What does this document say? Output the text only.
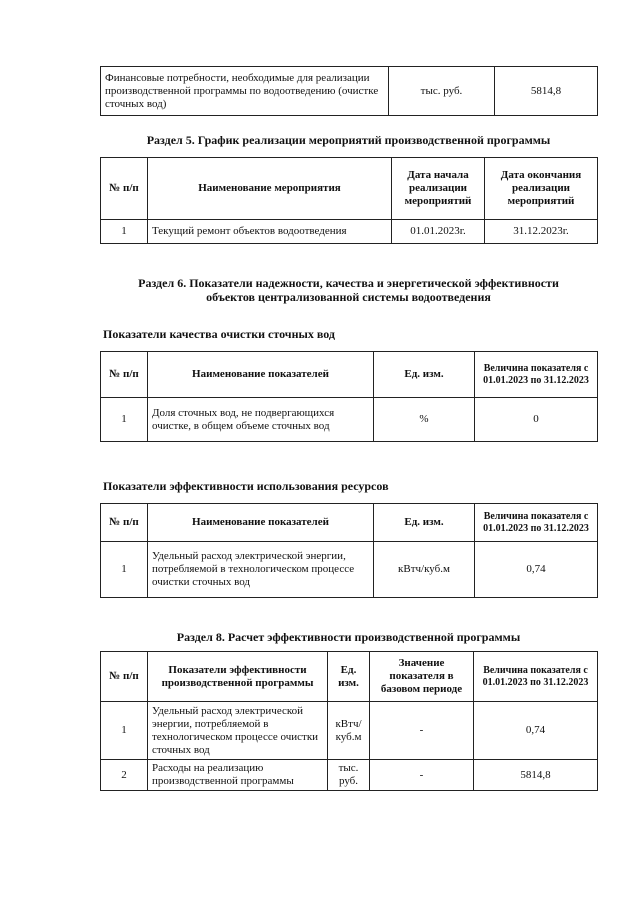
Финансовые потребности, необходимые для реализации производственной программы по водоотведению (очистке сточных вод)	тыс. руб.	5814,8
Раздел 5. График реализации мероприятий производственной программы
№ п/п	Наименование мероприятия	Дата начала реализации мероприятий	Дата окончания реализации мероприятий
1	Текущий ремонт объектов водоотведения	01.01.2023г.	31.12.2023г.
Раздел 6. Показатели надежности, качества и энергетической эффективности
объектов централизованной системы водоотведения
Показатели качества очистки сточных вод
№ п/п	Наименование показателей	Ед. изм.	Величина показателя с 01.01.2023 по 31.12.2023
1	Доля сточных вод, не подвергающихся очистке, в общем объеме сточных вод	%	0
Показатели эффективности использования ресурсов
№ п/п	Наименование показателей	Ед. изм.	Величина показателя с 01.01.2023 по 31.12.2023
1	Удельный расход электрической энергии, потребляемой в технологическом процессе очистки сточных вод	кВтч/куб.м	0,74
Раздел 8. Расчет эффективности производственной программы
№ п/п	Показатели эффективности производственной программы	Ед. изм.	Значение показателя в базовом периоде	Величина показателя с 01.01.2023 по 31.12.2023
1	Удельный расход электрической энергии, потребляемой в технологическом процессе очистки сточных вод	кВтч/ куб.м	-	0,74
2	Расходы на реализацию производственной программы	тыс. руб.	-	5814,8
